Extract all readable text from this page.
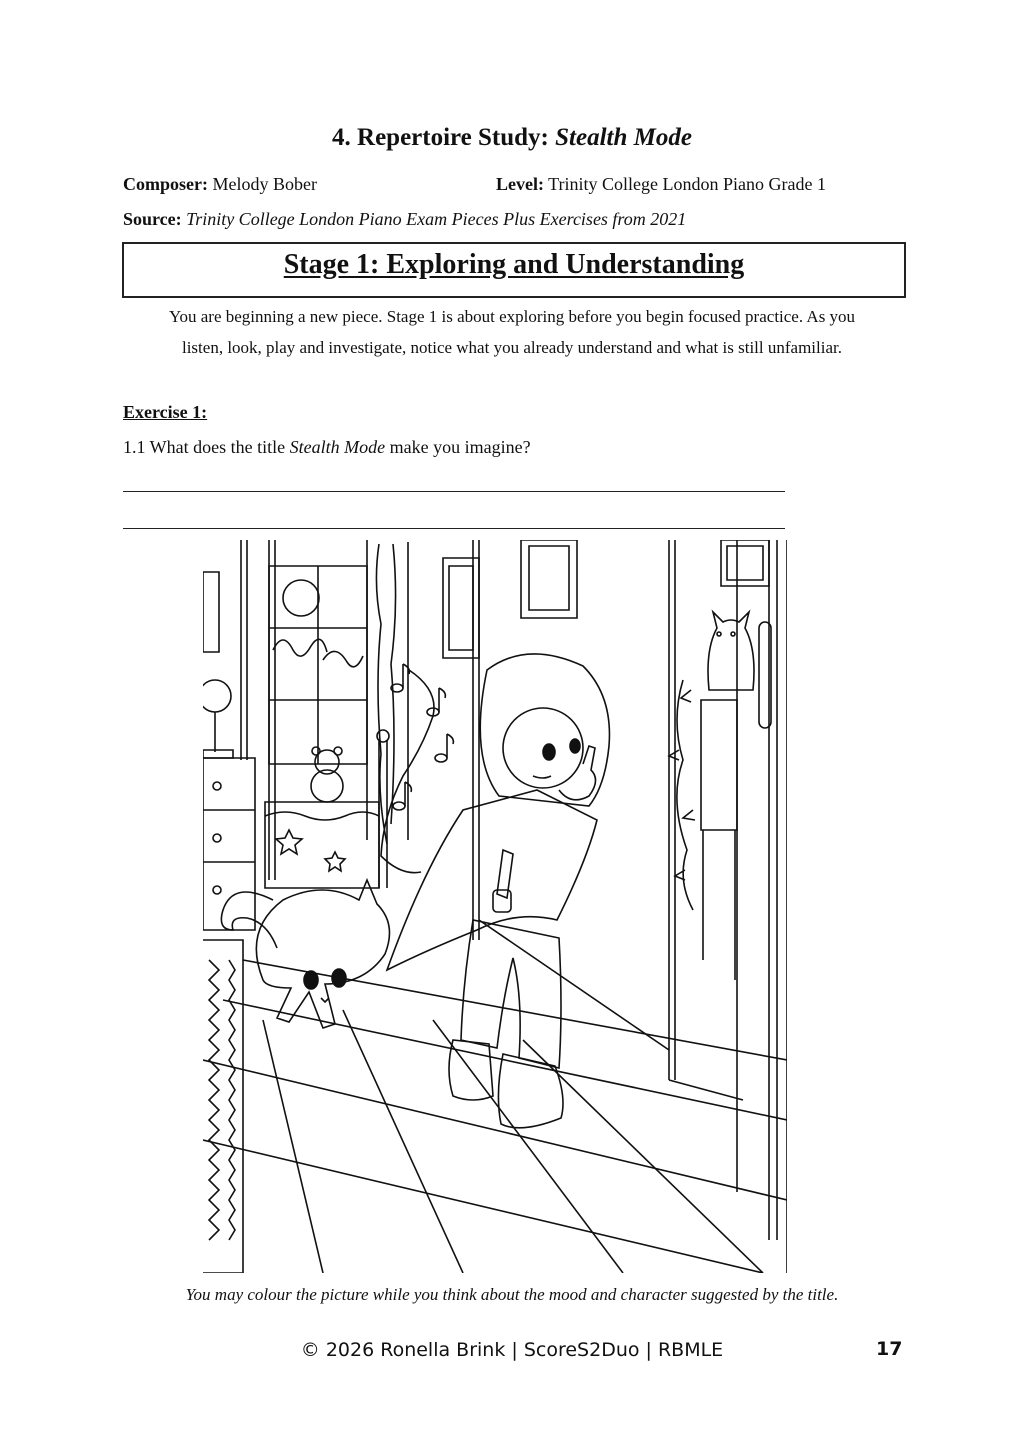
4. Repertoire Study: Stealth Mode
Composer: Melody Bober	Level: Trinity College London Piano Grade 1
Source: Trinity College London Piano Exam Pieces Plus Exercises from 2021
Stage 1: Exploring and Understanding
You are beginning a new piece. Stage 1 is about exploring before you begin focused practice. As you
listen, look, play and investigate, notice what you already understand and what is still unfamiliar.
Exercise 1:
1.1 What does the title Stealth Mode make you imagine?
You may colour the picture while you think about the mood and character suggested by the title.
© 2026 Ronella Brink | ScoreS2Duo | RBMLE	17
